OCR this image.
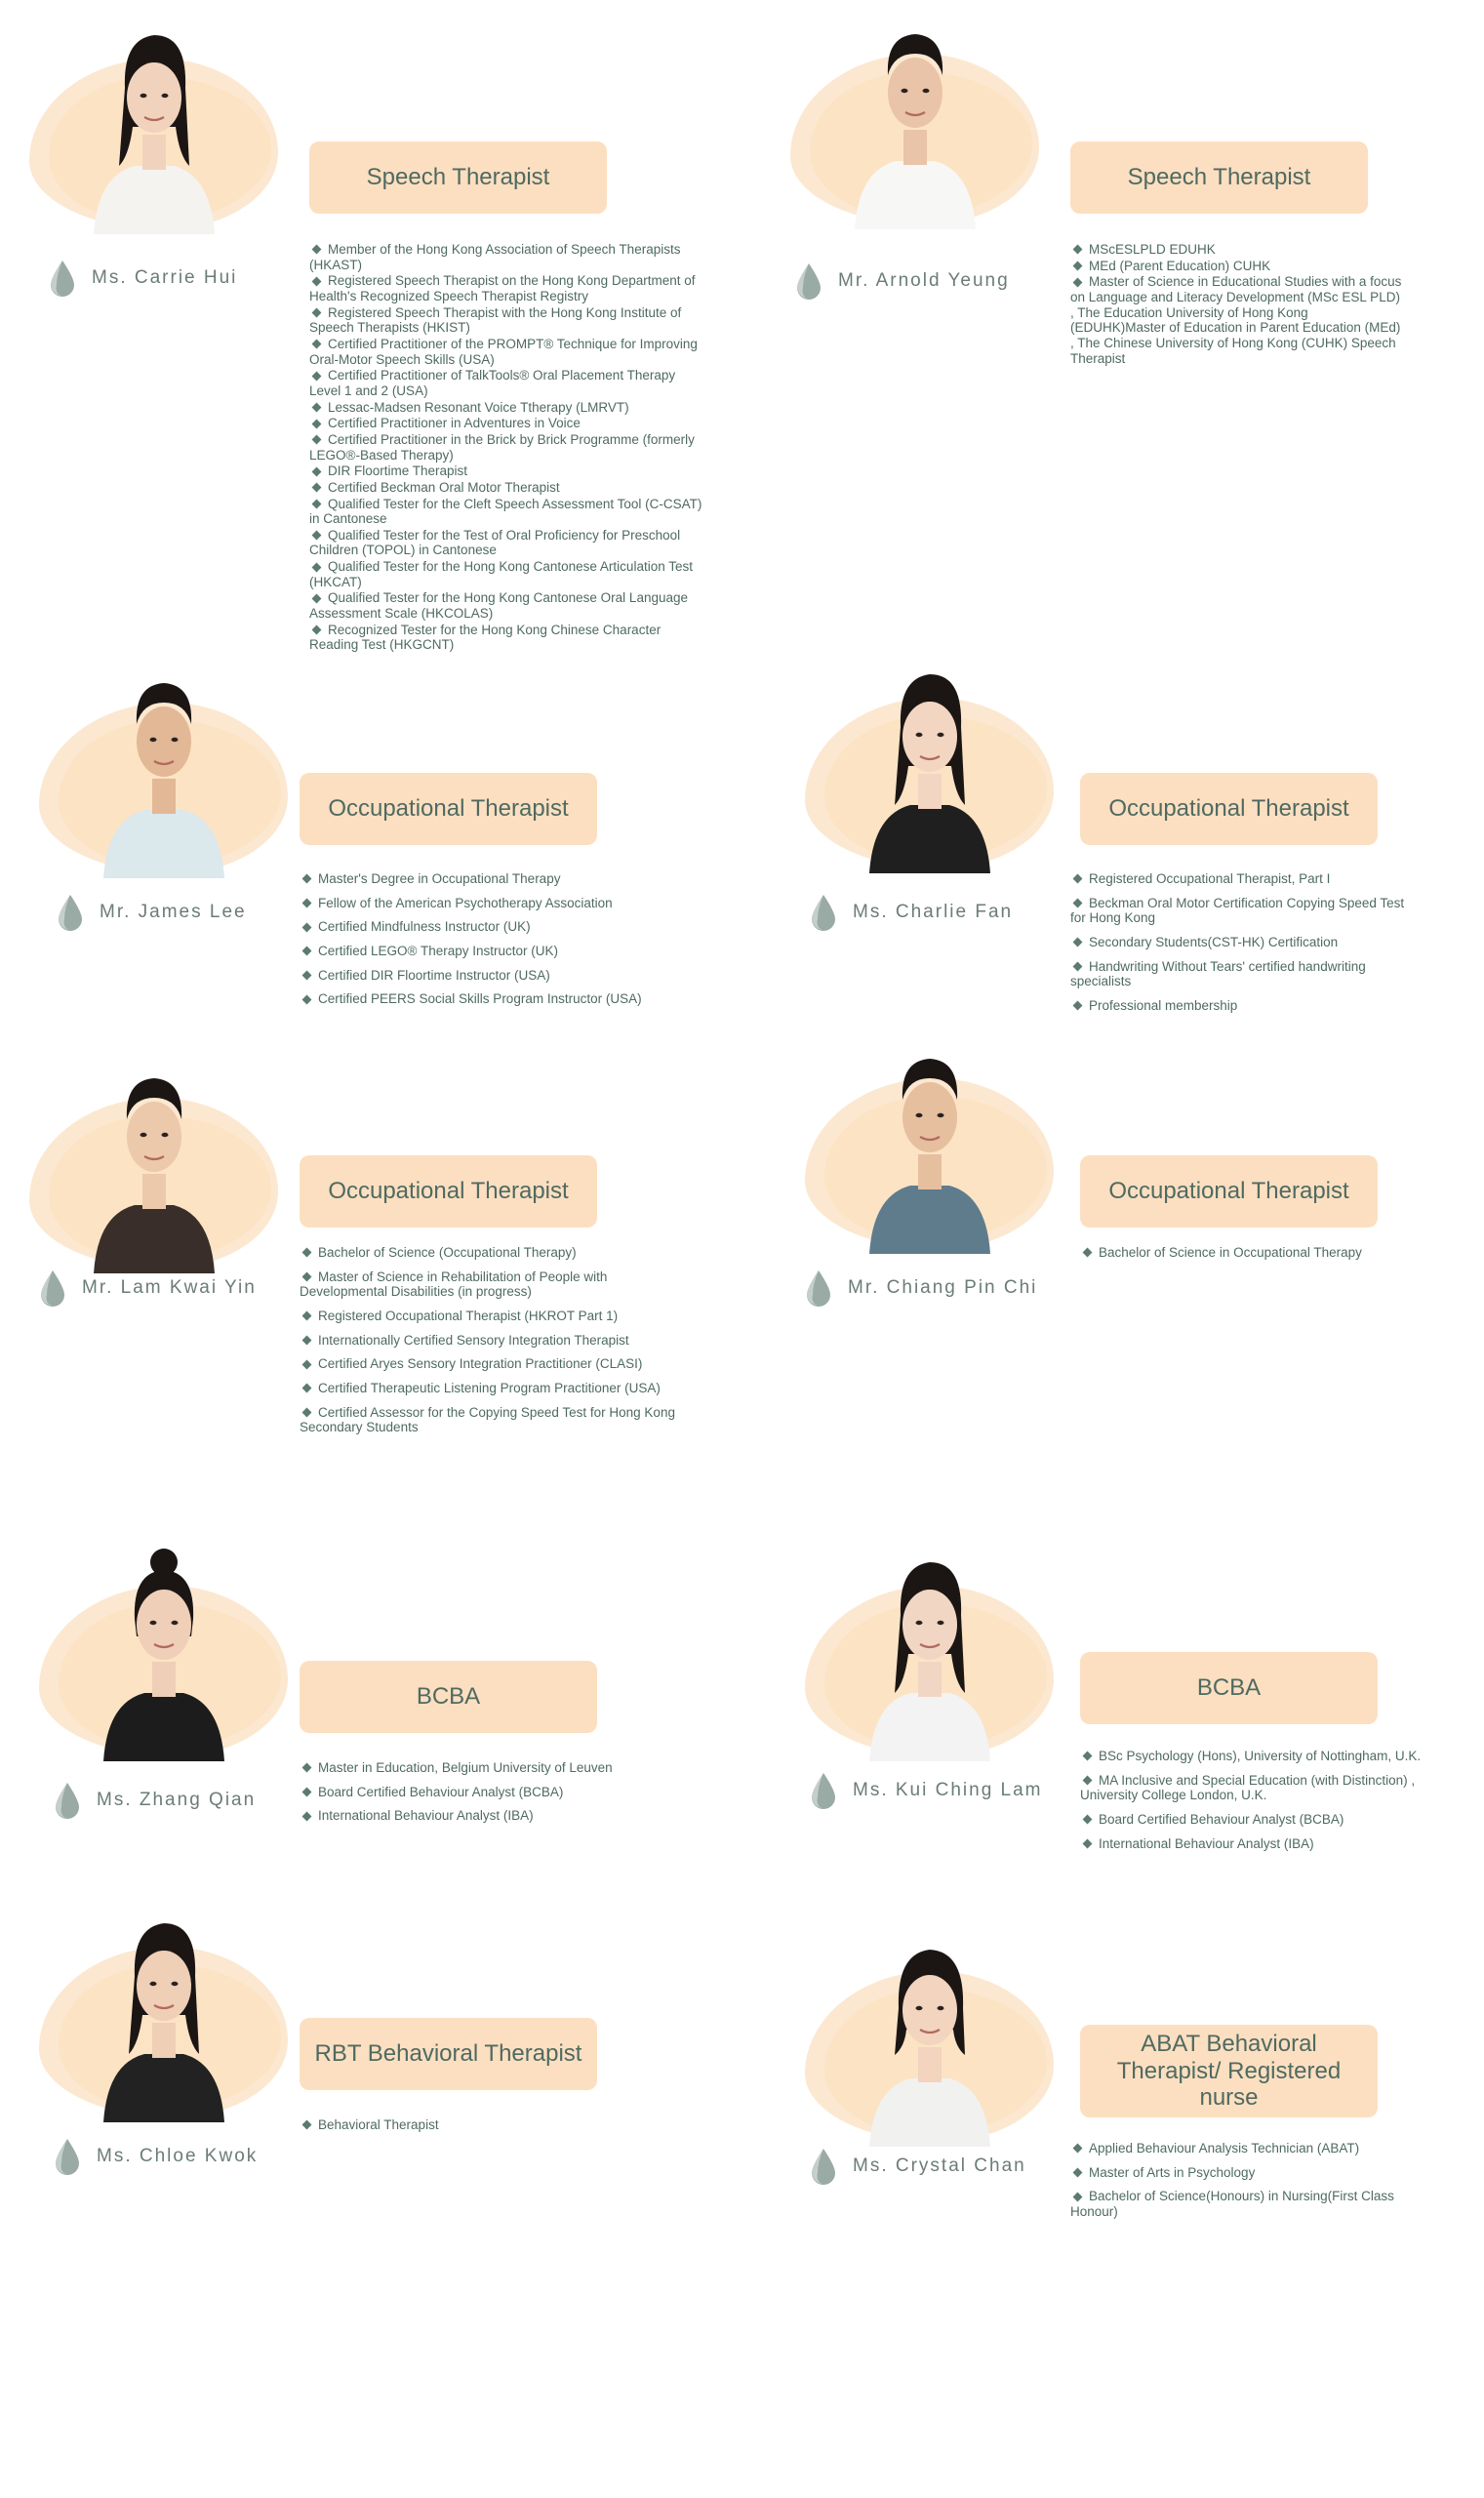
Ms. Carrie Hui
Speech Therapist
Member of the Hong Kong Association of Speech Therapists (HKAST)
Registered Speech Therapist on the Hong Kong Department of Health's Recognized Speech Therapist Registry
Registered Speech Therapist with the Hong Kong Institute of Speech Therapists (HKIST)
Certified Practitioner of the PROMPT® Technique for Improving Oral-Motor Speech Skills (USA)
Certified Practitioner of TalkTools® Oral Placement Therapy Level 1 and 2 (USA)
Lessac-Madsen Resonant Voice Ttherapy (LMRVT)
Certified Practitioner in Adventures in Voice
Certified Practitioner in the Brick by Brick Programme (formerly LEGO®-Based Therapy)
DIR Floortime Therapist
Certified Beckman Oral Motor Therapist
Qualified Tester for the Cleft Speech Assessment Tool (C-CSAT) in Cantonese
Qualified Tester for the Test of Oral Proficiency for Preschool Children (TOPOL) in Cantonese
Qualified Tester for the Hong Kong Cantonese Articulation Test (HKCAT)
Qualified Tester for the Hong Kong Cantonese Oral Language Assessment Scale (HKCOLAS)
Recognized Tester for the Hong Kong Chinese Character Reading Test (HKGCNT)
Mr. Arnold Yeung
Speech Therapist
MScESLPLD EDUHK
MEd (Parent Education) CUHK
Master of Science in Educational Studies with a focus on Language and Literacy Development (MSc ESL PLD) , The Education University of Hong Kong (EDUHK)Master of Education in Parent Education (MEd) , The Chinese University of Hong Kong (CUHK) Speech Therapist
Mr. James Lee
Occupational Therapist
Master's Degree in Occupational Therapy
Fellow of the American Psychotherapy Association
Certified Mindfulness Instructor (UK)
Certified LEGO® Therapy Instructor (UK)
Certified DIR Floortime Instructor (USA)
Certified PEERS Social Skills Program Instructor (USA)
Ms. Charlie Fan
Occupational Therapist
Registered Occupational Therapist, Part I
Beckman Oral Motor Certification Copying Speed Test for Hong Kong
Secondary Students(CST-HK) Certification
Handwriting Without Tears' certified handwriting specialists
Professional membership
Mr. Lam Kwai Yin
Occupational Therapist
Bachelor of Science (Occupational Therapy)
Master of Science in Rehabilitation of People with Developmental Disabilities (in progress)
Registered Occupational Therapist (HKROT Part 1)
Internationally Certified Sensory Integration Therapist
Certified Aryes Sensory Integration Practitioner (CLASI)
Certified Therapeutic Listening Program Practitioner (USA)
Certified Assessor for the Copying Speed Test for Hong Kong Secondary Students
Mr. Chiang Pin Chi
Occupational Therapist
Bachelor of Science in Occupational Therapy
Ms. Zhang Qian
BCBA
Master in Education, Belgium University of Leuven
Board Certified Behaviour Analyst (BCBA)
International Behaviour Analyst (IBA)
Ms. Kui Ching Lam
BCBA
BSc Psychology (Hons), University of Nottingham, U.K.
MA Inclusive and Special Education (with Distinction) , University College London, U.K.
Board Certified Behaviour Analyst (BCBA)
International Behaviour Analyst (IBA)
Ms. Chloe Kwok
RBT Behavioral Therapist
Behavioral Therapist
Ms. Crystal Chan
ABAT Behavioral Therapist/ Registered nurse
Applied Behaviour Analysis Technician (ABAT)
Master of Arts in Psychology
Bachelor of Science(Honours) in Nursing(First Class Honour)
